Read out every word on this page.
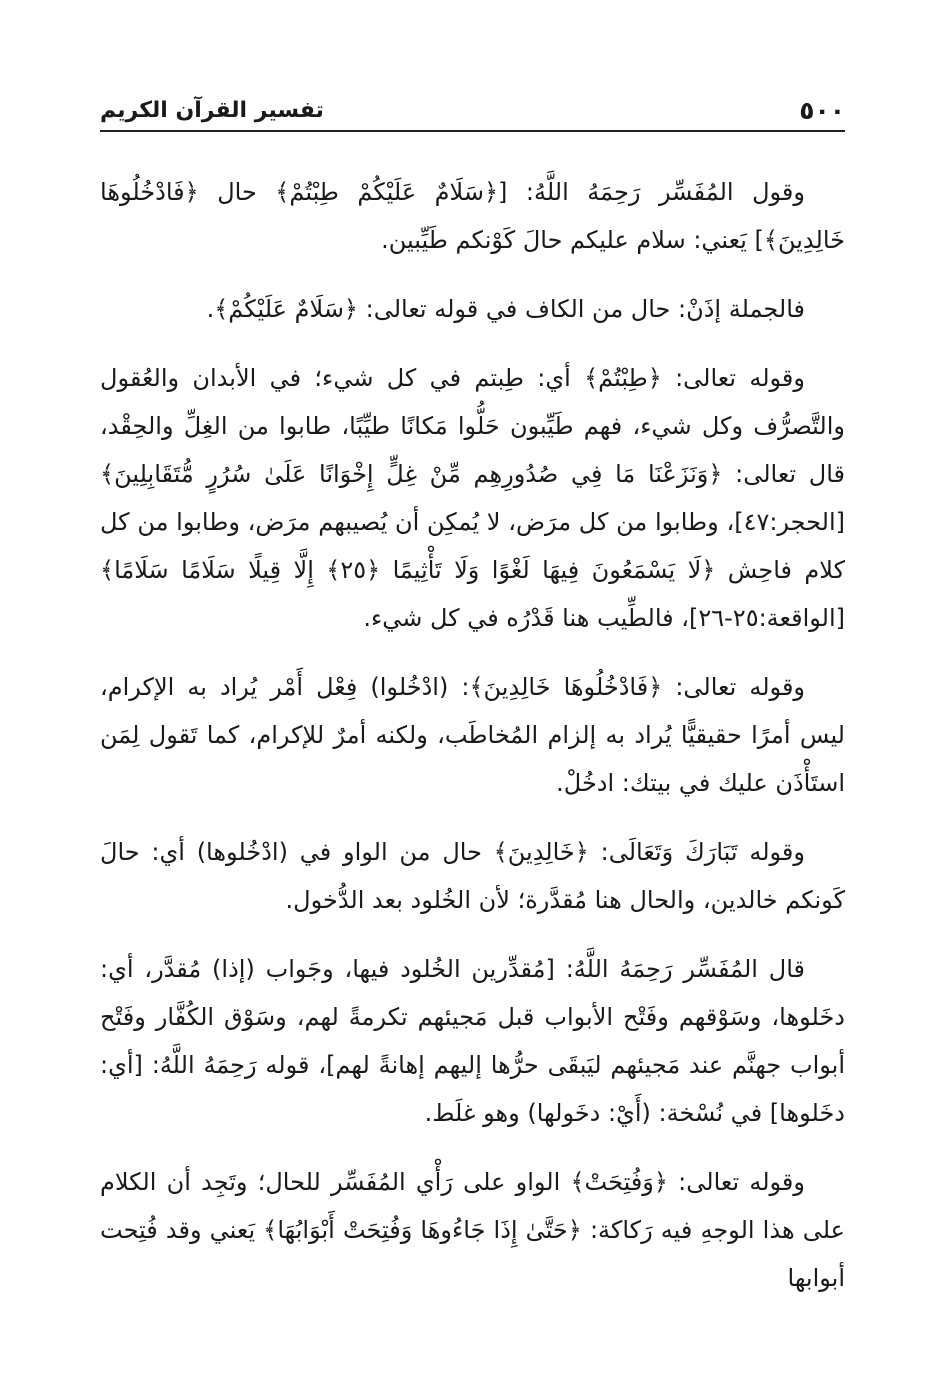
٥٠٠
تفسير القرآن الكريم

وقول المُفَسِّر رَحِمَهُ اللَّهُ: [﴿سَلَامٌ عَلَيْكُمْ طِبْتُمْ﴾ حال ﴿فَادْخُلُوهَا خَالِدِينَ﴾] يَعني: سلام عليكم حالَ كَوْنكم طَيِّبين.

فالجملة إذَنْ: حال من الكاف في قوله تعالى: ﴿سَلَامٌ عَلَيْكُمْ﴾.

وقوله تعالى: ﴿طِبْتُمْ﴾ أي: طِبتم في كل شيء؛ في الأبدان والعُقول والتَّصرُّف وكل شيء، فهم طَيِّبون حَلُّوا مَكانًا طيِّبًا، طابوا من الغِلِّ والحِقْد، قال تعالى: ﴿وَنَزَعْنَا مَا فِي صُدُورِهِم مِّنْ غِلٍّ إِخْوَانًا عَلَىٰ سُرُرٍ مُّتَقَابِلِينَ﴾ [الحجر:٤٧]، وطابوا من كل مرَض، لا يُمكِن أن يُصيبهم مرَض، وطابوا من كل كلام فاحِش ﴿لَا يَسْمَعُونَ فِيهَا لَغْوًا وَلَا تَأْثِيمًا ﴿٢٥﴾ إِلَّا قِيلًا سَلَامًا سَلَامًا﴾ [الواقعة:٢٥-٢٦]، فالطِّيب هنا قَدْرُه في كل شيء.

وقوله تعالى: ﴿فَادْخُلُوهَا خَالِدِينَ﴾: (ادْخُلوا) فِعْل أَمْر يُراد به الإكرام، ليس أمرًا حقيقيًّا يُراد به إلزام المُخاطَب، ولكنه أمرٌ للإكرام، كما تَقول لِمَن استَأْذَن عليك في بيتك: ادخُلْ.

وقوله تَبَارَكَ وَتَعَالَى: ﴿خَالِدِينَ﴾ حال من الواو في (ادْخُلوها) أي: حالَ كَونكم خالدين، والحال هنا مُقدَّرة؛ لأن الخُلود بعد الدُّخول.

قال المُفَسِّر رَحِمَهُ اللَّهُ: [مُقدِّرين الخُلود فيها، وجَواب (إذا) مُقدَّر، أي: دخَلوها، وسَوْقهم وفَتْح الأبواب قبل مَجيئهم تكرمةً لهم، وسَوْق الكُفَّار وفَتْح أبواب جهنَّم عند مَجيئهم ليَبقَى حرُّها إليهم إهانةً لهم]، قوله رَحِمَهُ اللَّهُ: [أي: دخَلوها] في نُسْخة: (أَيْ: دخَولها) وهو غلَط.

وقوله تعالى: ﴿وَفُتِحَتْ﴾ الواو على رَأْي المُفَسِّر للحال؛ وتَجِد أن الكلام على هذا الوجهِ فيه رَكاكة: ﴿حَتَّىٰ إِذَا جَاءُوهَا وَفُتِحَتْ أَبْوَابُهَا﴾ يَعني وقد فُتِحت أبوابها
